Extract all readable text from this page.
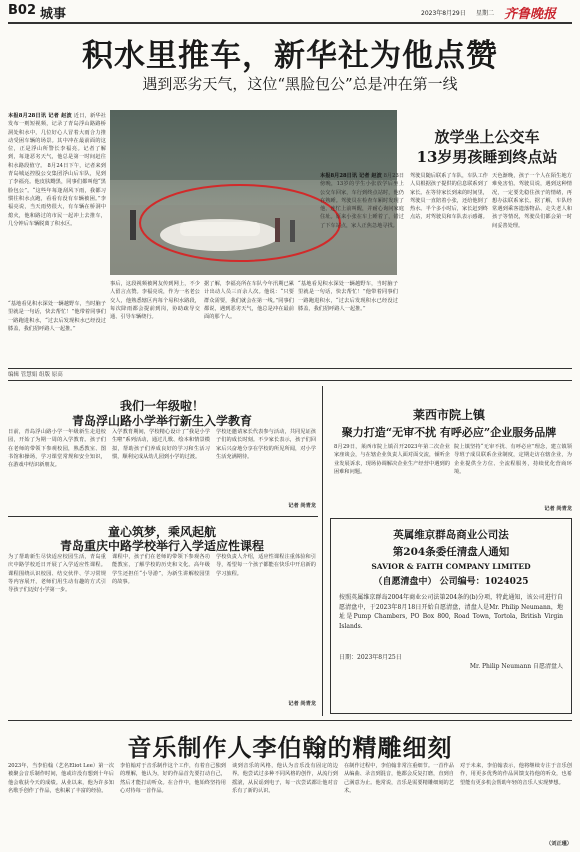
B02 城事	2023年8月29日 星期二 齐鲁晚报
积水里推车，新华社为他点赞
遇到恶劣天气，这位“黑脸包公”总是冲在第一线
本报8月28日讯 记者 赵波 近日，新华社发布一则短视频，记录了青岛浮山路路桥洞处积水中，几位好心人冒着大雨合力推动受困车辆的场景。其中冲在最前面的这位，正是浮山所警长李福亮。记者了解到，每逢恶劣天气，他总是第一时间赶往积水路段值守。 8月24日下午，记者来到青岛城运控股公交集团浮山后车队，见到了李福亮。他皮肤黝黑，同事们都叫他“黑脸包公”。“这些年每逢刮风下雨，我都习惯往积水点跑，看看有没有车辆被困。”李福亮说，当天雨势很大，有车辆在桥洞中熄火，他和路过的市民一起冲上去推车，几分钟后车辆脱离了积水区。
“基地看见积水深处一辆越野车，当时脑子里就是一句话，快去帮忙！”他带着同事们一路跑进积水，“过去后发现积水已经没过膝盖，我们招呼路人一起推。”
事后，这段视频被网友传到网上，不少人留言点赞。李福亮说，作为一名老公交人，他熟悉辖区内每个易积水路段，每次降雨都会提前到岗，协助疏导交通、引导车辆绕行。
据了解，李福亮所在车队今年汛期已累计出动人员三百余人次。他说：“只要群众需要，我们就会在第一线。”同事们都说，遇到恶劣天气，他总是冲在最前面的那个人。
“基地看见积水深处一辆越野车，当时脑子里就是一句话，快去帮忙！”他带着同事们一路跑进积水，“过去后发现积水已经没过膝盖，我们招呼路人一起推。”
放学坐上公交车
13岁男孩睡到终点站
本报8月28日讯 记者 赵波 8月23日傍晚，13岁的学生小张放学后坐上公交车回家，车行到终点站时，他仍在熟睡。驾驶员在检查车厢时发现了他，连忙上前叫醒，并耐心询问家庭住址。原来小张在车上睡着了，错过了下车站点，家人正焦急地寻找。
驾驶员随后联系了车队，车队工作人员根据孩子提供的信息联系到了家长。在等待家长到来的时间里，驾驶员一直陪着小张，还给他倒了热水。半个多小时后，家长赶到终点站，对驾驶员和车队表示感谢。
天色渐晚，孩子一个人在陌生地方难免害怕。驾驶员说，遇到这种情况，一定要先稳住孩子的情绪，再想办法联系家长。据了解，车队经常遇到乘客遗落物品、走失老人和孩子等情况，驾驶员们都会第一时间妥善处理。
编辑 管慧娟 组版 原高
我们一年级啦！
青岛浮山路小学举行新生入学教育
日前，青岛浮山路小学一年级新生走进校园，开始了为期一周的入学教育。孩子们在老师的带领下参观校园，熟悉教室、图书馆和操场，学习课堂常规和安全知识，在游戏中结识新朋友。
入学教育期间，学校精心设计了“我是小学生啦”系列活动，通过儿歌、绘本和情景模拟，帮助孩子们养成良好的学习和生活习惯，顺利完成从幼儿园到小学的过渡。
学校还邀请家长代表参与活动，共同见证孩子们的成长时刻。不少家长表示，孩子们回家后兴奋地分享在学校的所见所闻，对小学生活充满期待。
记者 尚青龙
童心筑梦，乘风起航
青岛重庆中路学校举行入学适应性课程
为了帮助新生尽快适应校园生活，青岛重庆中路学校近日开展了入学适应性课程。课程围绕认识校园、结交伙伴、学习常规等内容展开，老师们用生动有趣的方式引导孩子们迈好小学第一步。
课程中，孩子们在老师的带领下参观各功能教室，了解学校的历史和文化。高年级学生还担任“小导游”，为新生讲解校园里的故事。
学校负责人介绍，适应性课程注重体验和引导，希望每一个孩子都能在快乐中开启新的学习旅程。
记者 尚青龙
莱西市院上镇
聚力打造“无审不扰 有呼必应”企业服务品牌
8月29日，莱西市院上镇召开2023年第二次企业家座谈会，与在辖企业负责人面对面交流，倾听企业发展诉求，现场协调解决企业生产经营中遇到的困难和问题。
院上镇坚持“无审不扰、有呼必应”理念，建立镇领导班子成员联系企业制度，定期走访在辖企业，为企业提供全方位、全流程服务，持续优化营商环境。
记者 尚青龙
英属维京群岛商业公司法
第204条委任清盘人通知
SAVIOR & FAITH COMPANY LIMITED
（自愿清盘中） 公司编号：1024025
按照英属维京群岛2004年商业公司法第204条的(b)分项，特此通知，该公司进行自愿清盘中，于2023年8月18日开始自愿清盘，清盘人是Mr. Philip Neumann，地址是Pump Chambers, PO Box 800, Road Town, Tortola, British Virgin Islands.
日期：2023年8月25日
Mr. Philip Neumann 自愿清盘人
音乐制作人李伯翰的精雕细刻
2023年，当李伯翰（艺名Eliot Lee）第一次被聚会音乐制作时间，他或许没有想到十年后他会收获今天的成绩。从业以来，他为许多知名歌手创作了作品，也积累了丰富的经验。
李伯翰对于音乐制作这个工作，有着自己独到的理解，他认为，好的作品首先要打动自己，然后才能打动听众。在合作中，他始终坚持用心对待每一首作品。
谈到音乐的风格，他认为音乐没有固定的边界。他尝试过多种不同风格的创作，从流行到摇滚，从民谣到电子，每一次尝试都让他对音乐有了新的认识。
在制作过程中，李伯翰非常注重细节。一首作品从编曲、录音到混音，他都会反复打磨，直到自己满意为止。他常说，音乐是需要精雕细刻的艺术。
对于未来，李伯翰表示，他将继续专注于音乐创作，用更多优秀的作品回馈支持他的听众，也希望能有更多机会帮助年轻的音乐人实现梦想。
（刘正瑾）
